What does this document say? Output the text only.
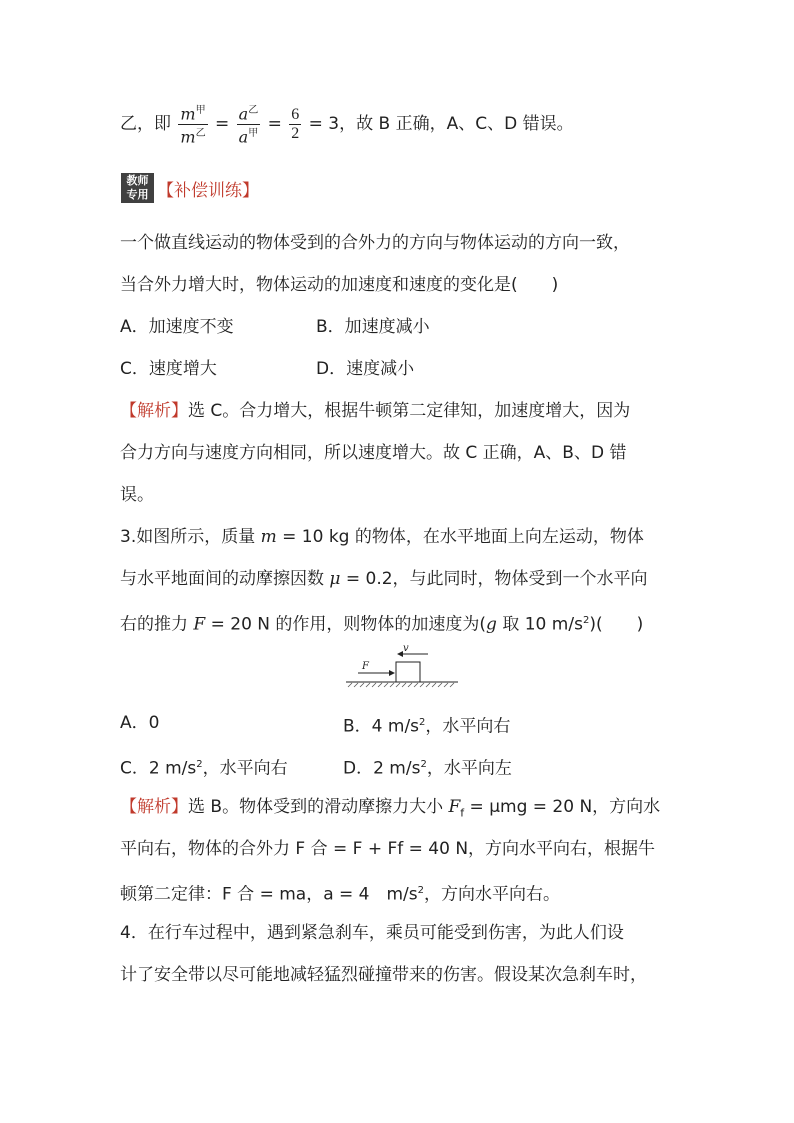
乙，即 $\frac{m^甲}{m^乙} = \frac{a^乙}{a^甲} = \frac{6}{2} = 3$，故 B 正确，A、C、D 错误。
教师
专用 【补偿训练】
一个做直线运动的物体受到的合外力的方向与物体运动的方向一致，
当合外力增大时，物体运动的加速度和速度的变化是(　　)
A．加速度不变	B．加速度减小
C．速度增大	D．速度减小
【解析】选 C。合力增大，根据牛顿第二定律知，加速度增大，因为
合力方向与速度方向相同，所以速度增大。故 C 正确，A、B、D 错
误。
3.如图所示，质量 m = 10 kg 的物体，在水平地面上向左运动，物体
与水平地面间的动摩擦因数 μ = 0.2，与此同时，物体受到一个水平向
右的推力 F = 20 N 的作用，则物体的加速度为(g 取 10 $m/s^2$)(　　)
v
F
A．0	B．4 $m/s^2$，水平向右
C．2 $m/s^2$，水平向右	D．2 $m/s^2$，水平向左
【解析】选 B。物体受到的滑动摩擦力大小 $F_f = \mu mg = 20$ N，方向水
平向右，物体的合外力 F 合 = F + Ff = 40 N，方向水平向右，根据牛
顿第二定律：F 合 = ma，a = 4　$m/s^2$，方向水平向右。
4．在行车过程中，遇到紧急刹车，乘员可能受到伤害，为此人们设
计了安全带以尽可能地减轻猛烈碰撞带来的伤害。假设某次急刹车时，
